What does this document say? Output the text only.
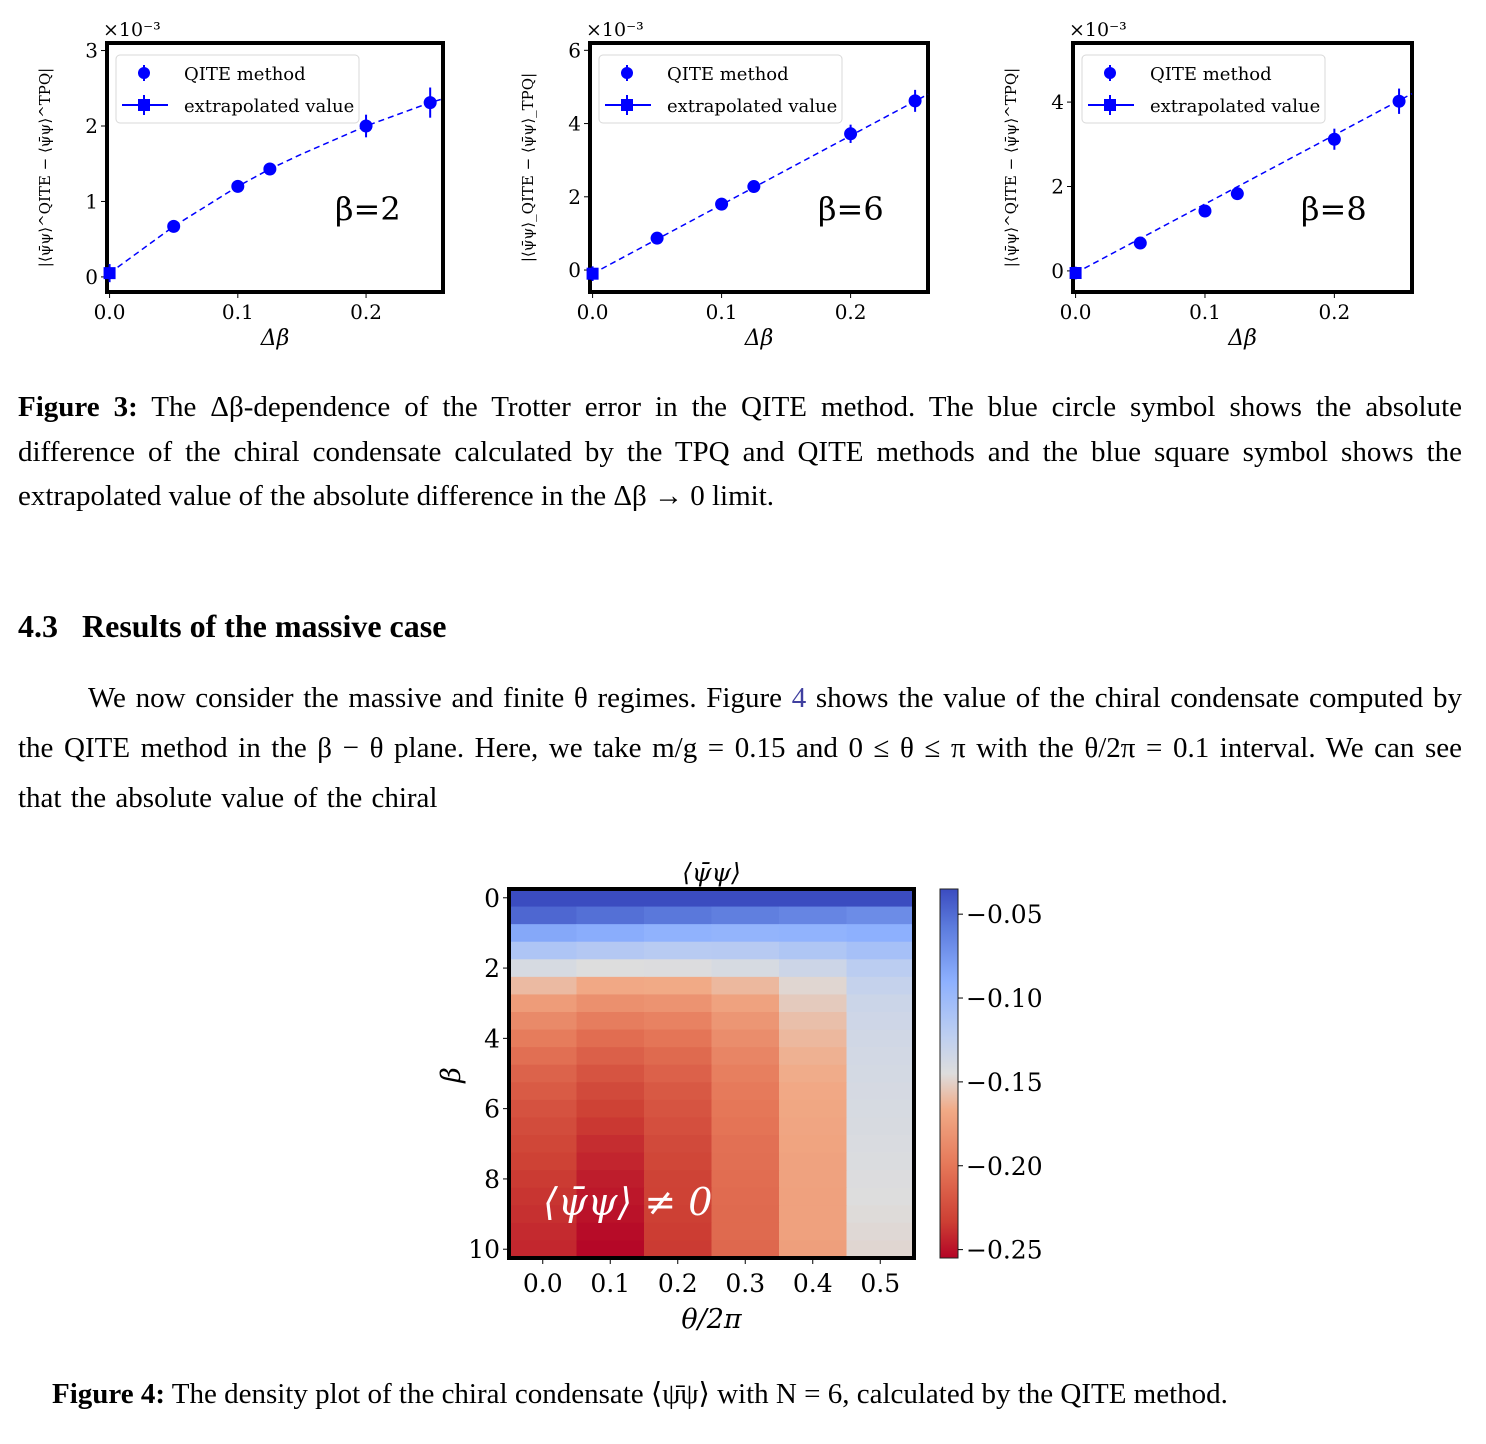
0
1
2
3
0.0	0.1	0.2
×10⁻³
Δβ
|⟨ψ̄ψ⟩^QITE − ⟨ψ̄ψ⟩^TPQ|	QITE method
extrapolated value
β=2
0
2
4
6
0.0	0.1	0.2
×10⁻³
Δβ
|⟨ψ̄ψ⟩_QITE − ⟨ψ̄ψ⟩_TPQ|	QITE method
extrapolated value
β=6
0
2
4
0.0	0.1	0.2
×10⁻³
Δβ
|⟨ψ̄ψ⟩^QITE − ⟨ψ̄ψ⟩^TPQ|	QITE method
extrapolated value
β=8
Figure 3: The Δβ-dependence of the Trotter error in the QITE method. The blue circle symbol shows the absolute difference of the chiral condensate calculated by the TPQ and QITE methods and the blue square symbol shows the extrapolated value of the absolute difference in the Δβ → 0 limit.
4.3 Results of the massive case
We now consider the massive and finite θ regimes. Figure 4 shows the value of the chiral condensate computed by the QITE method in the β − θ plane. Here, we take m/g = 0.15 and 0 ≤ θ ≤ π with the θ/2π = 0.1 interval. We can see that the absolute value of the chiral
0
2
4
6
8
10
0.0 0.1 0.2 0.3 0.4 0.5
θ/2π
β
⟨ψ̄ψ⟩
⟨ψ̄ψ⟩ ≠ 0
−0.05
−0.10
−0.15
−0.20
−0.25
Figure 4: The density plot of the chiral condensate ⟨ψ̄ψ⟩ with N = 6, calculated by the QITE method.
